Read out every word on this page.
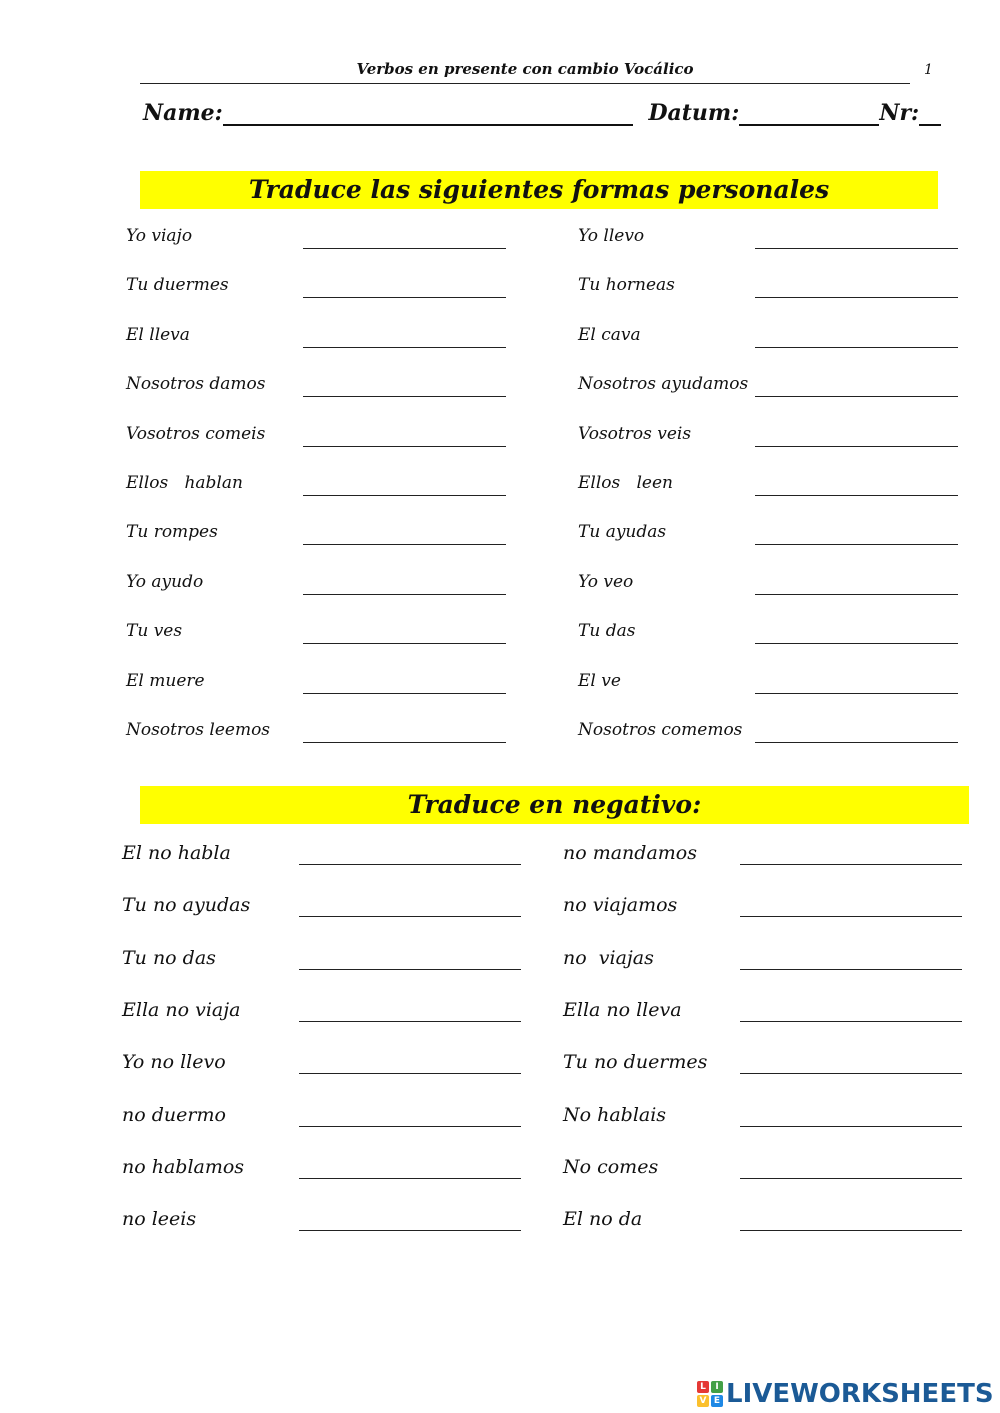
Verbos en presente con cambio Vocálico	1
Name:	Datum:	Nr:
Traduce las siguientes formas personales
Yo viajo
Tu duermes
El lleva
Nosotros damos
Vosotros comeis
Ellos   hablan
Tu rompes
Yo ayudo
Tu ves
El muere
Nosotros leemos
Yo llevo
Tu horneas
El cava
Nosotros ayudamos
Vosotros veis
Ellos   leen
Tu ayudas
Yo veo
Tu das
El ve
Nosotros comemos
Traduce en negativo:
El no habla
Tu no ayudas
Tu no das
Ella no viaja
Yo no llevo
no duermo
no hablamos
no leeis
no mandamos
no viajamos
no  viajas
Ella no lleva
Tu no duermes
No hablais
No comes
El no da
L	I
V E LIVEWORKSHEETS
